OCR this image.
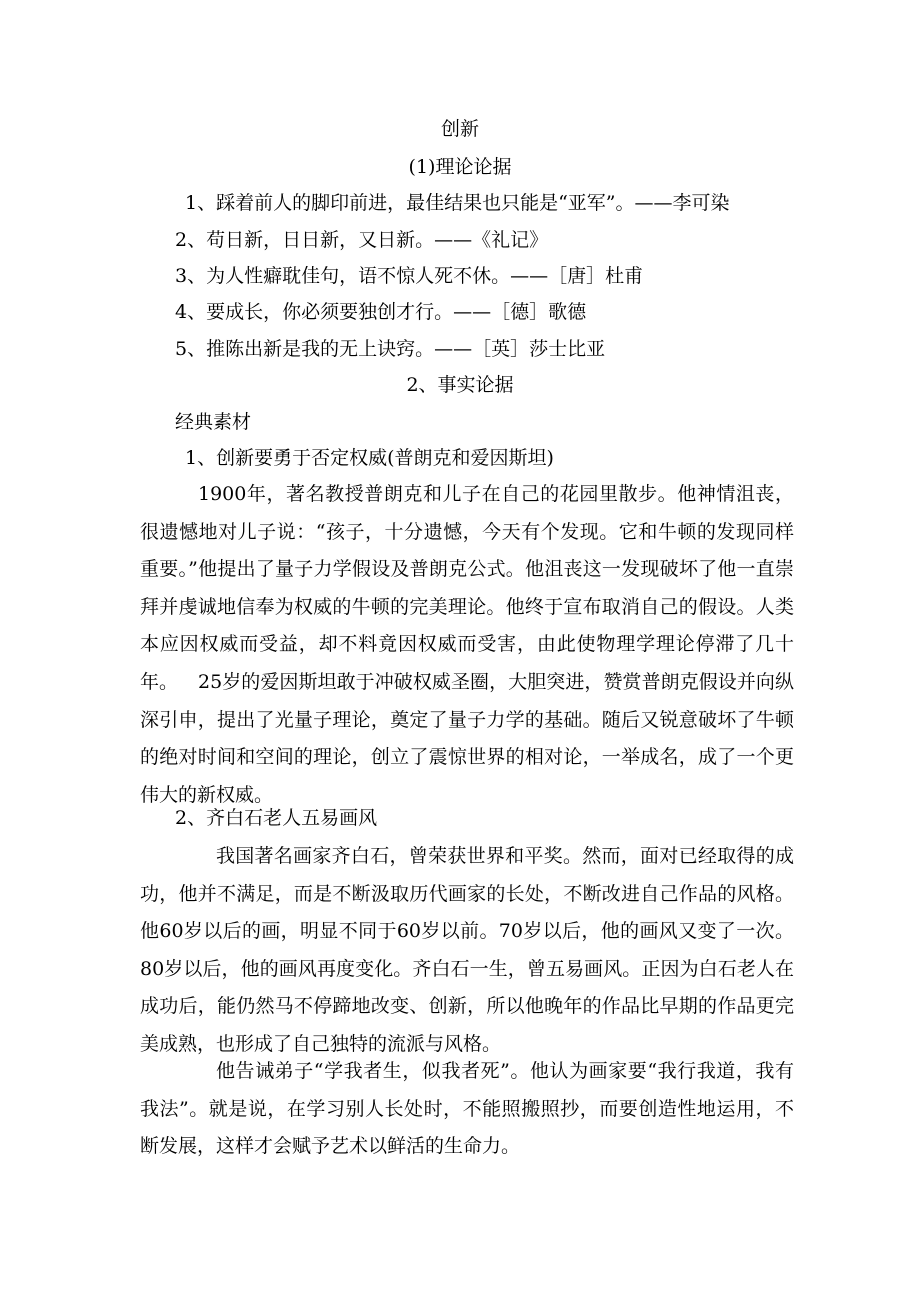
创新
(1)理论论据
1、踩着前人的脚印前进，最佳结果也只能是“亚军”。——李可染
2、苟日新，日日新，又日新。——《礼记》
3、为人性癖耽佳句，语不惊人死不休。——［唐］杜甫
4、要成长，你必须要独创才行。——［德］歌德
5、推陈出新是我的无上诀窍。——［英］莎士比亚
2、事实论据
经典素材
1、创新要勇于否定权威(普朗克和爱因斯坦)
1900年，著名教授普朗克和儿子在自己的花园里散步。他神情沮丧，很遗憾地对儿子说：“孩子，十分遗憾，今天有个发现。它和牛顿的发现同样重要。”他提出了量子力学假设及普朗克公式。他沮丧这一发现破坏了他一直崇拜并虔诚地信奉为权威的牛顿的完美理论。他终于宣布取消自己的假设。人类本应因权威而受益，却不料竟因权威而受害，由此使物理学理论停滞了几十年。	25岁的爱因斯坦敢于冲破权威圣圈，大胆突进，赞赏普朗克假设并向纵深引申，提出了光量子理论，奠定了量子力学的基础。随后又锐意破坏了牛顿的绝对时间和空间的理论，创立了震惊世界的相对论，一举成名，成了一个更伟大的新权威。
2、齐白石老人五易画风
我国著名画家齐白石，曾荣获世界和平奖。然而，面对已经取得的成功，他并不满足，而是不断汲取历代画家的长处，不断改进自己作品的风格。他60岁以后的画，明显不同于60岁以前。70岁以后，他的画风又变了一次。80岁以后，他的画风再度变化。齐白石一生，曾五易画风。正因为白石老人在成功后，能仍然马不停蹄地改变、创新，所以他晚年的作品比早期的作品更完美成熟，也形成了自己独特的流派与风格。
他告诫弟子“学我者生，似我者死”。他认为画家要“我行我道，我有我法”。就是说，在学习别人长处时，不能照搬照抄，而要创造性地运用，不断发展，这样才会赋予艺术以鲜活的生命力。
